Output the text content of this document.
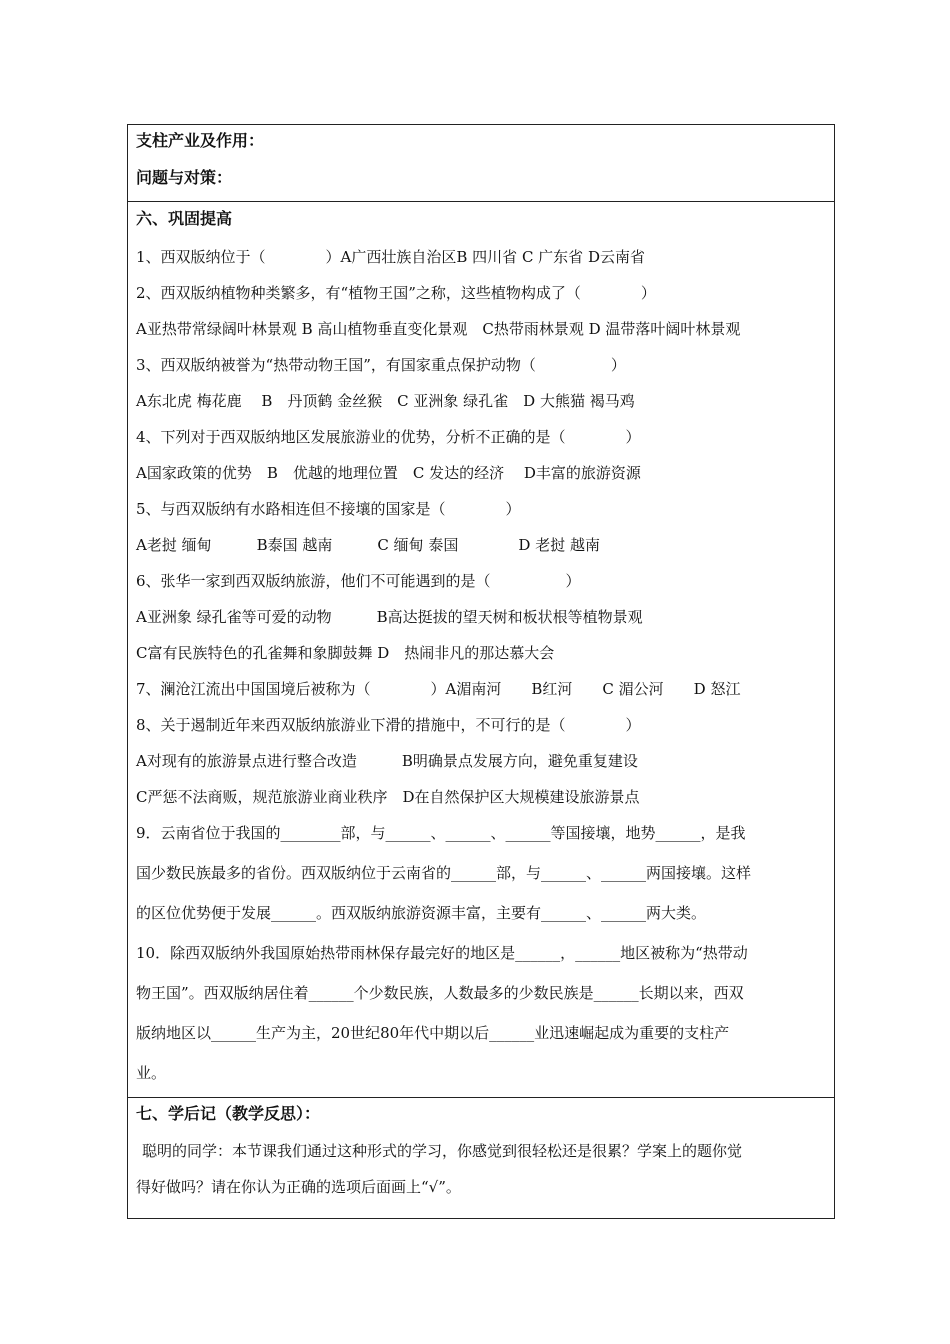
支柱产业及作用：
问题与对策：
六、巩固提高
1、西双版纳位于（　　　　）A广西壮族自治区B 四川省 C 广东省 D云南省
2、西双版纳植物种类繁多，有“植物王国”之称，这些植物构成了（　　　　）
A亚热带常绿阔叶林景观 B 高山植物垂直变化景观　C热带雨林景观 D 温带落叶阔叶林景观
3、西双版纳被誉为“热带动物王国”，有国家重点保护动物（　　　　　）
A东北虎 梅花鹿　 B　丹顶鹤 金丝猴　C 亚洲象 绿孔雀　D 大熊猫 褐马鸡
4、下列对于西双版纳地区发展旅游业的优势，分析不正确的是（　　　　）
A国家政策的优势　B　优越的地理位置　C 发达的经济　 D丰富的旅游资源
5、与西双版纳有水路相连但不接壤的国家是（　　　　）
A老挝 缅甸　　　B泰国 越南　　　C 缅甸 泰国　　　　D 老挝 越南
6、张华一家到西双版纳旅游，他们不可能遇到的是（　　　　　）
A亚洲象 绿孔雀等可爱的动物　　　B高达挺拔的望天树和板状根等植物景观
C富有民族特色的孔雀舞和象脚鼓舞 D　热闹非凡的那达慕大会
7、澜沧江流出中国国境后被称为（　　　　）A湄南河　　B红河　　C 湄公河　　D 怒江
8、关于遏制近年来西双版纳旅游业下滑的措施中，不可行的是（　　　　）
A对现有的旅游景点进行整合改造　　　B明确景点发展方向，避免重复建设
C严惩不法商贩，规范旅游业商业秩序　D在自然保护区大规模建设旅游景点
9．云南省位于我国的________部，与______、______、______等国接壤，地势______，是我
国少数民族最多的省份。西双版纳位于云南省的______部，与______、______两国接壤。这样
的区位优势便于发展______。西双版纳旅游资源丰富，主要有______、______两大类。
10．除西双版纳外我国原始热带雨林保存最完好的地区是______，______地区被称为“热带动
物王国”。西双版纳居住着______个少数民族，人数最多的少数民族是______长期以来，西双
版纳地区以______生产为主，20世纪80年代中期以后______业迅速崛起成为重要的支柱产
业。
七、学后记（教学反思）：
聪明的同学：本节课我们通过这种形式的学习，你感觉到很轻松还是很累？学案上的题你觉
得好做吗？请在你认为正确的选项后面画上“√”。
